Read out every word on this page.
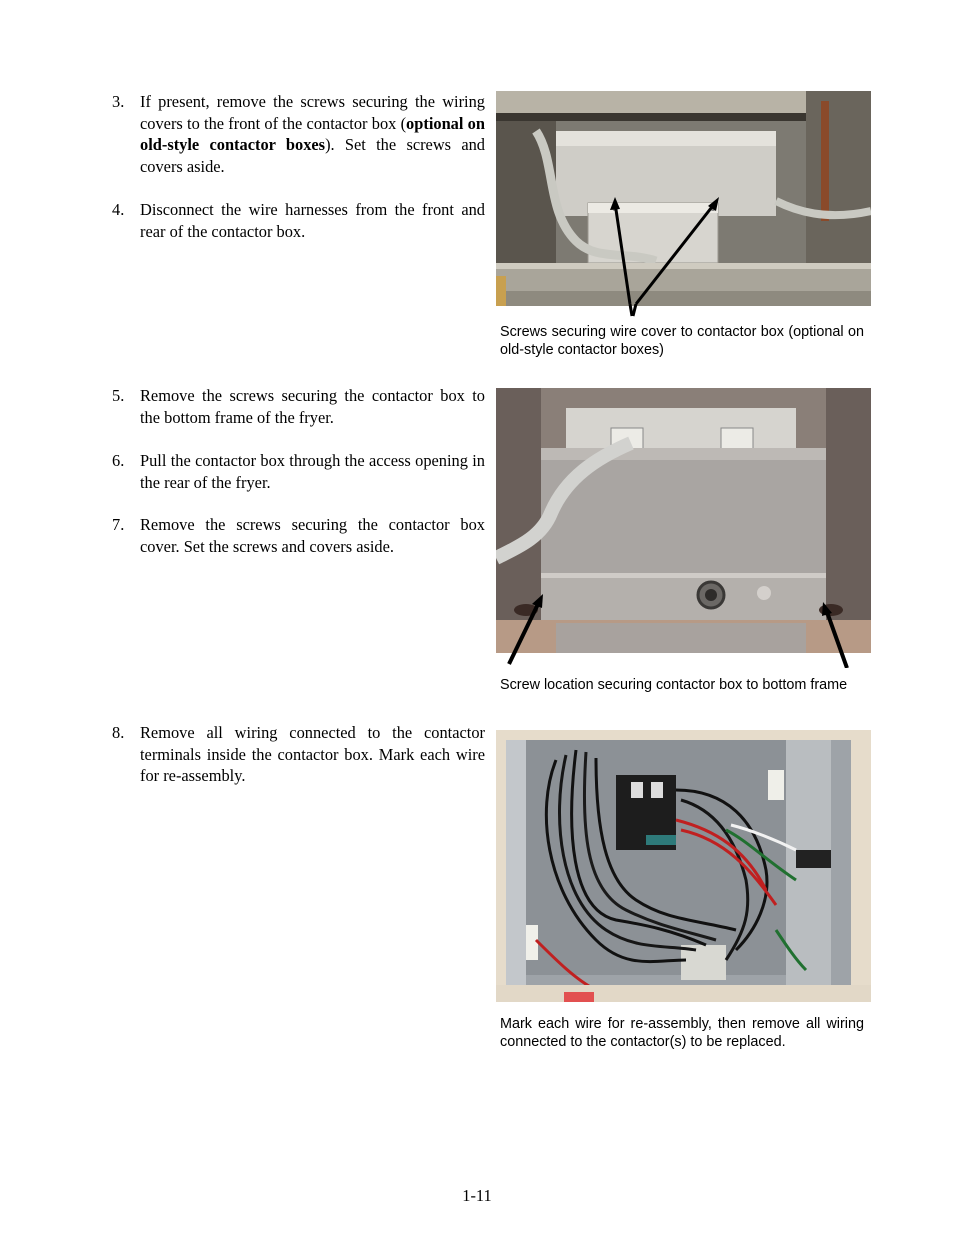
3. If present, remove the screws securing the wiring covers to the front of the contactor box (optional on old-style contactor boxes). Set the screws and covers aside.
4. Disconnect the wire harnesses from the front and rear of the contactor box.
5. Remove the screws securing the contactor box to the bottom frame of the fryer.
6. Pull the contactor box through the access opening in the rear of the fryer.
7. Remove the screws securing the contactor box cover. Set the screws and covers aside.
8. Remove all wiring connected to the contactor terminals inside the contactor box. Mark each wire for re-assembly.
Screws securing wire cover to contactor box (optional on old-style contactor boxes)
Screw location securing contactor box to bottom frame
Mark each wire for re-assembly, then remove all wiring connected to the contactor(s) to be replaced.
1-11
